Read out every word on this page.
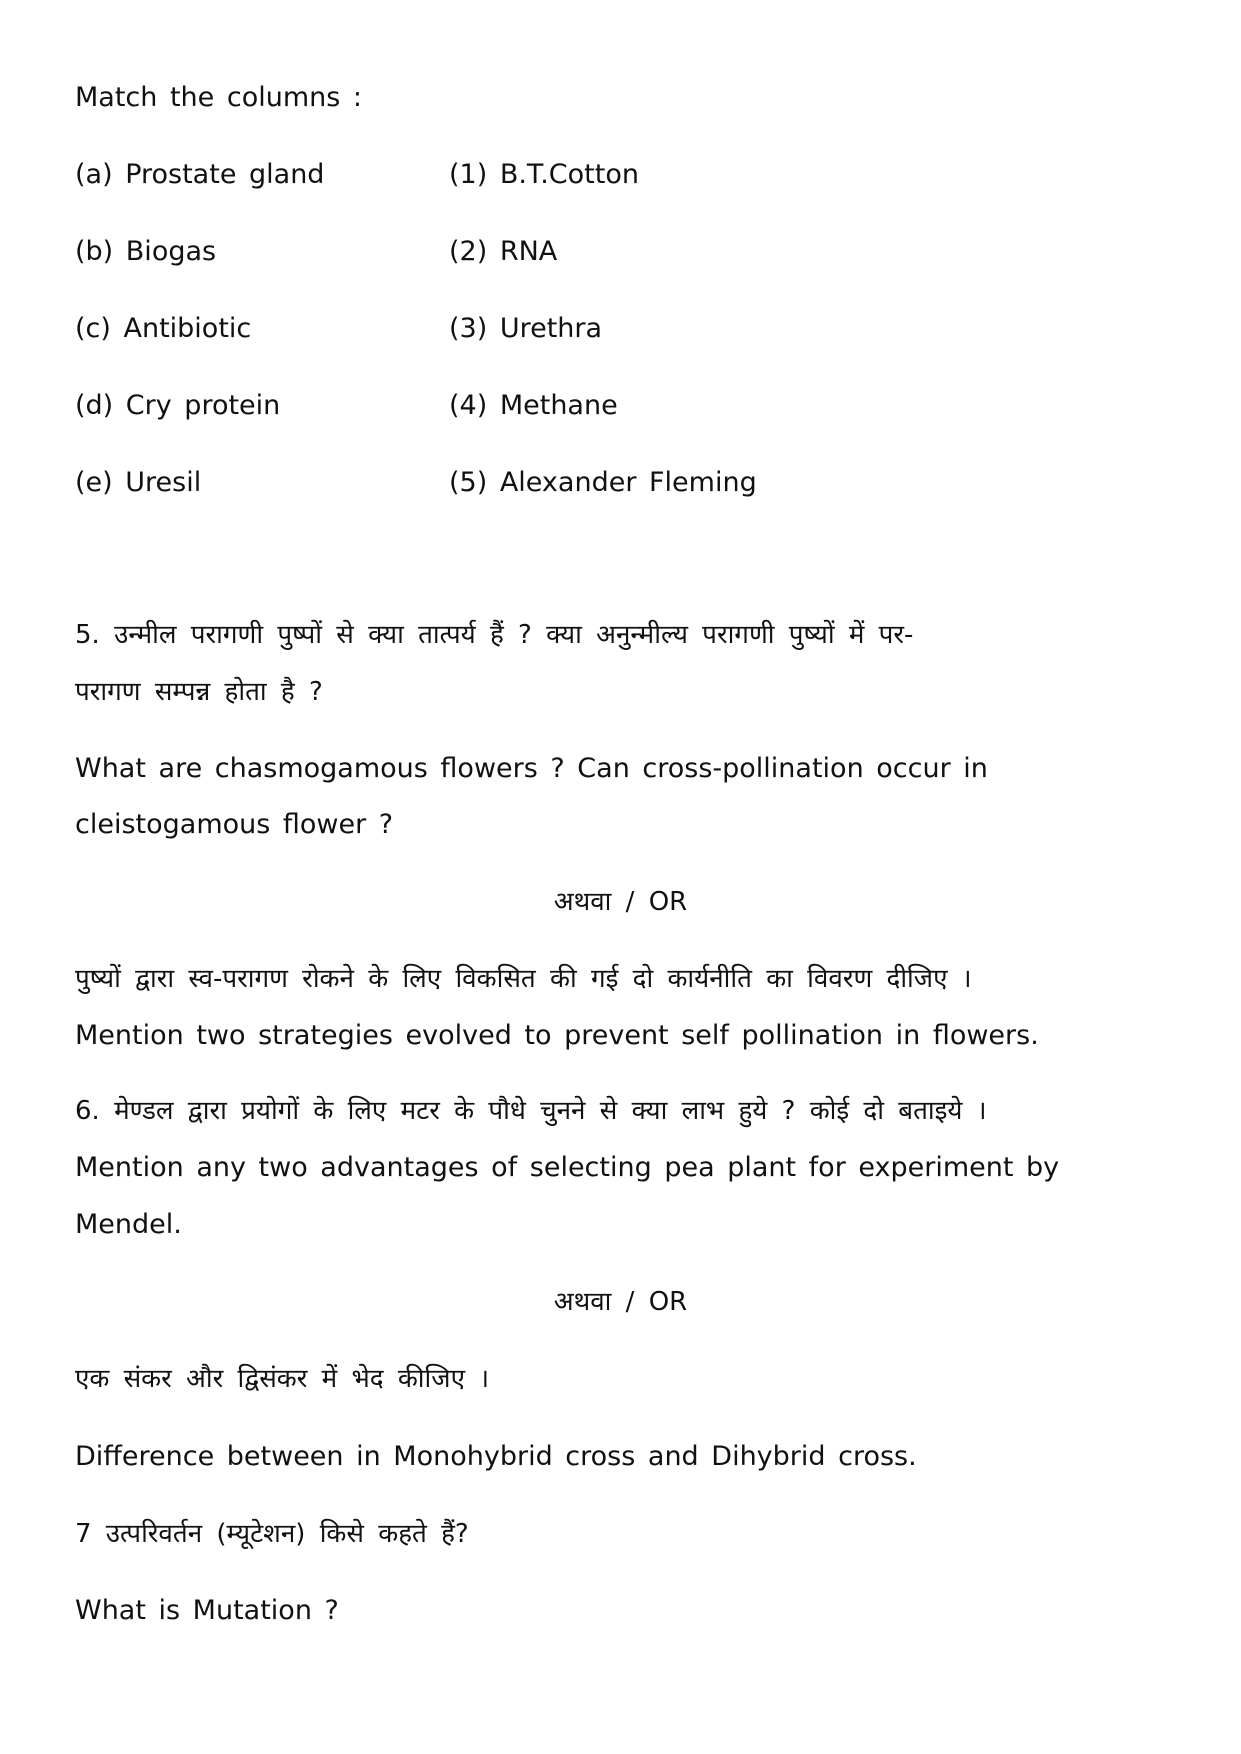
Match the columns :
(a) Prostate gland	(1) B.T.Cotton
(b) Biogas	(2) RNA
(c) Antibiotic	(3) Urethra
(d) Cry protein	(4) Methane
(e) Uresil	(5) Alexander Fleming
5. उन्मील परागणी पुष्पों से क्या तात्पर्य हैं ? क्या अनुन्मील्य परागणी पुष्यों में पर-
परागण सम्पन्न होता है ?
What are chasmogamous flowers ? Can cross-pollination occur in
cleistogamous flower ?
अथवा / OR
पुष्यों द्वारा स्व-परागण रोकने के लिए विकसित की गई दो कार्यनीति का विवरण दीजिए ।
Mention two strategies evolved to prevent self pollination in flowers.
6. मेण्डल द्वारा प्रयोगों के लिए मटर के पौधे चुनने से क्या लाभ हुये ? कोई दो बताइये ।
Mention any two advantages of selecting pea plant for experiment by
Mendel.
अथवा / OR
एक संकर और द्विसंकर में भेद कीजिए ।
Difference between in Monohybrid cross and Dihybrid cross.
7 उत्परिवर्तन (म्यूटेशन) किसे कहते हैं?
What is Mutation ?
